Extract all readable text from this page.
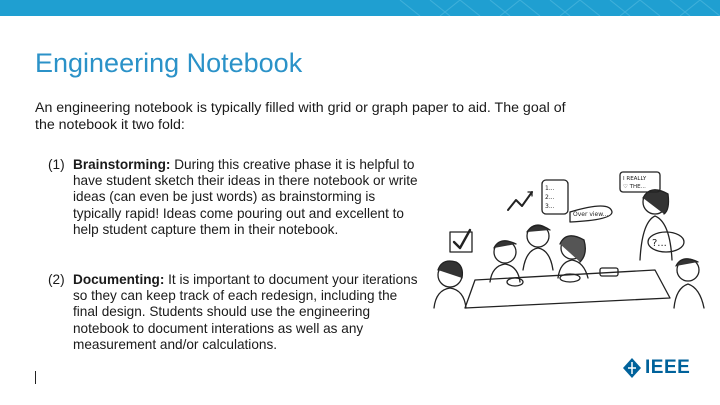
Engineering Notebook
An engineering notebook is typically filled with grid or graph paper to aid. The goal of the notebook it two fold:
(1) Brainstorming: During this creative phase it is helpful to have student sketch their ideas in there notebook or write ideas (can even be just words) as brainstorming is typically rapid! Ideas come pouring out and excellent to help student capture them in their notebook.
(2) Documenting: It is important to document your iterations so they can keep track of each redesign, including the final design. Students should use the engineering notebook to document interations as well as any measurement and/or calculations.
I REALLY
♡ THE...
1...
2...
3...
Over view...
?...
IEEE
